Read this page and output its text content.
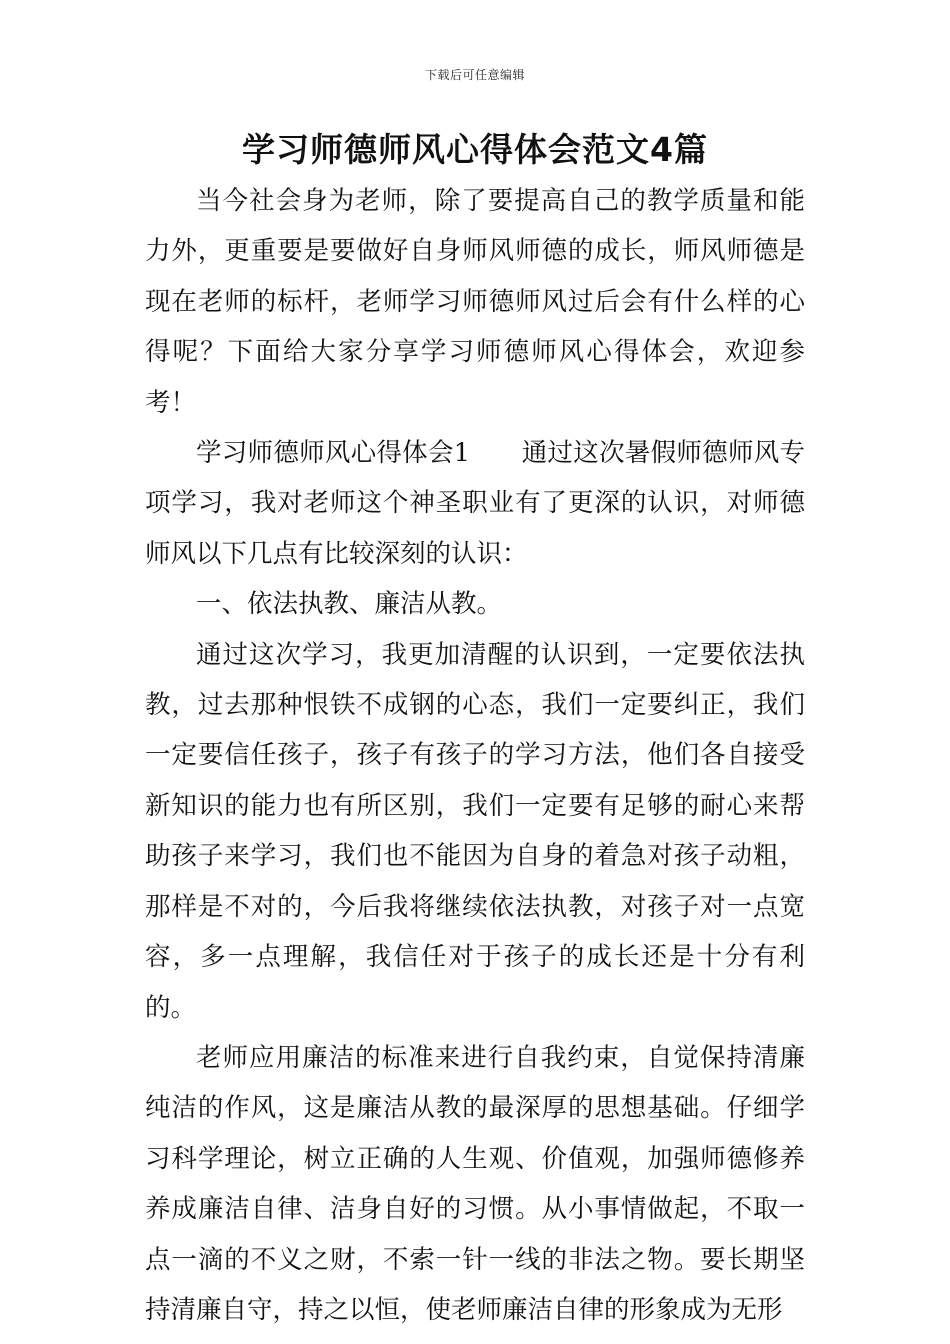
下载后可任意编辑
学习师德师风心得体会范文4篇

当今社会身为老师，除了要提高自己的教学质量和能力外，更重要是要做好自身师风师德的成长，师风师德是现在老师的标杆，老师学习师德师风过后会有什么样的心得呢？下面给大家分享学习师德师风心得体会，欢迎参考！

学习师德师风心得体会1　　通过这次暑假师德师风专项学习，我对老师这个神圣职业有了更深的认识，对师德师风以下几点有比较深刻的认识：

一、依法执教、廉洁从教。

通过这次学习，我更加清醒的认识到，一定要依法执教，过去那种恨铁不成钢的心态，我们一定要纠正，我们一定要信任孩子，孩子有孩子的学习方法，他们各自接受新知识的能力也有所区别，我们一定要有足够的耐心来帮助孩子来学习，我们也不能因为自身的着急对孩子动粗，那样是不对的，今后我将继续依法执教，对孩子对一点宽容，多一点理解，我信任对于孩子的成长还是十分有利的。

老师应用廉洁的标准来进行自我约束，自觉保持清廉纯洁的作风，这是廉洁从教的最深厚的思想基础。仔细学习科学理论，树立正确的人生观、价值观，加强师德修养养成廉洁自律、洁身自好的习惯。从小事情做起，不取一点一滴的不义之财，不索一针一线的非法之物。要长期坚持清廉自守，持之以恒，使老师廉洁自律的形象成为无形
